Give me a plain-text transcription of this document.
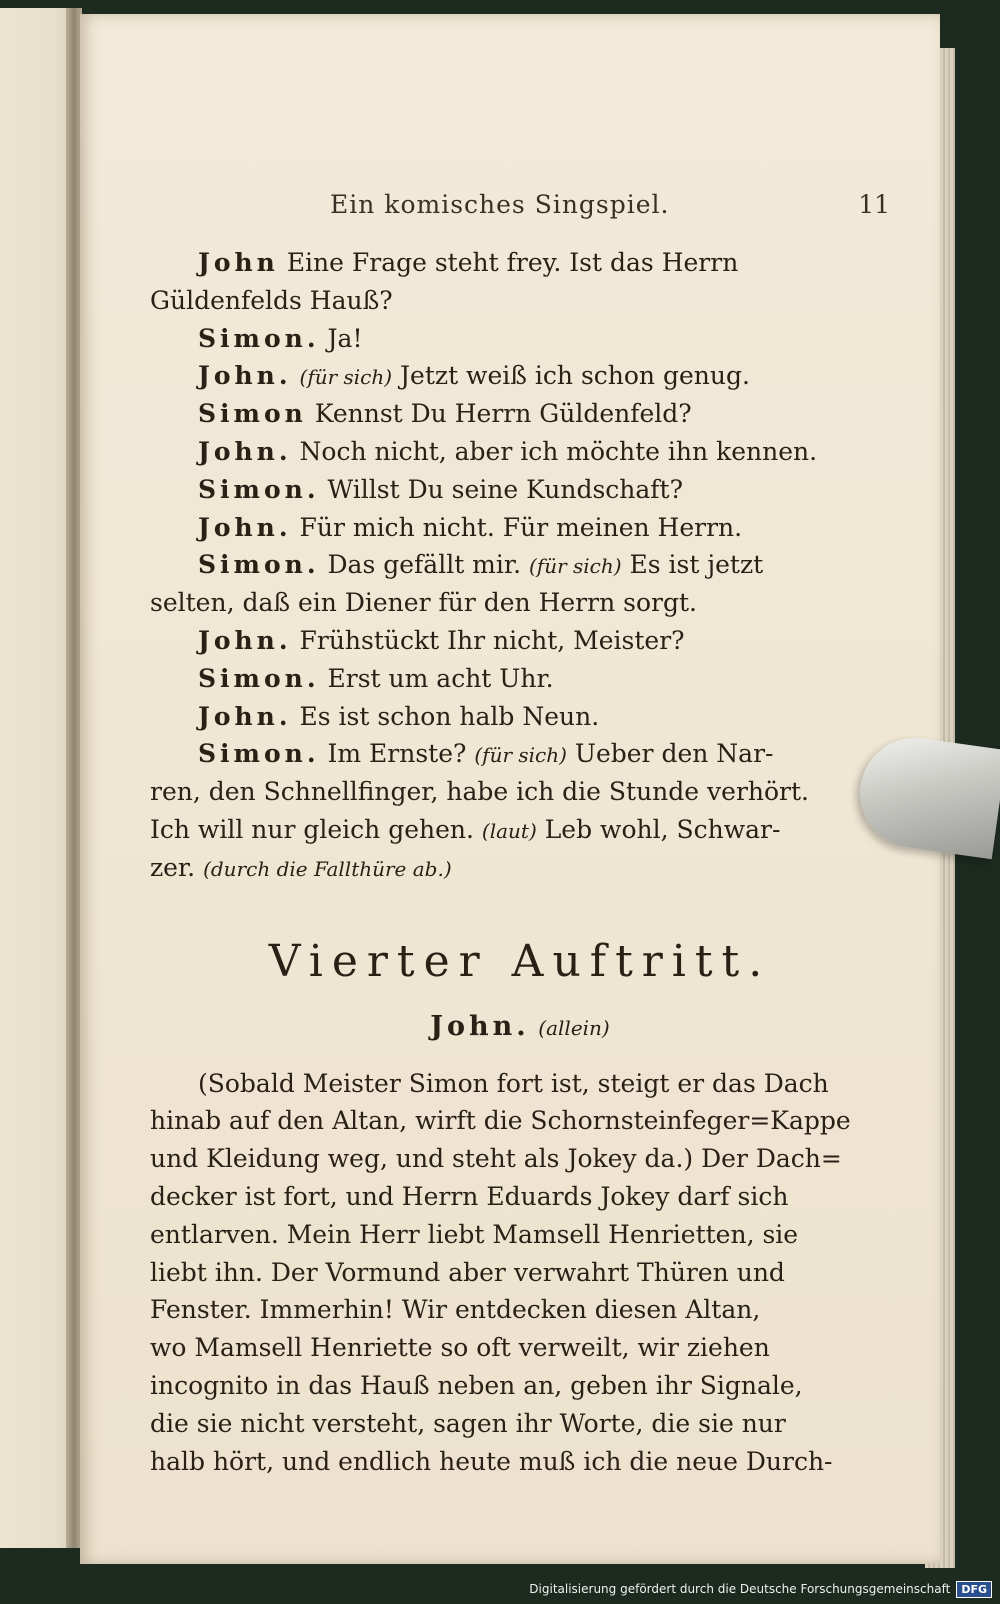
Ein komisches Singspiel.	11
John Eine Frage steht frey. Ist das Herrn
Güldenfelds Hauß?
Simon. Ja!
John. (für sich) Jetzt weiß ich schon genug.
Simon Kennst Du Herrn Güldenfeld?
John. Noch nicht, aber ich möchte ihn kennen.
Simon. Willst Du seine Kundschaft?
John. Für mich nicht. Für meinen Herrn.
Simon. Das gefällt mir. (für sich) Es ist jetzt
selten, daß ein Diener für den Herrn sorgt.
John. Frühstückt Ihr nicht, Meister?
Simon. Erst um acht Uhr.
John. Es ist schon halb Neun.
Simon. Im Ernste? (für sich) Ueber den Nar-
ren, den Schnellfinger, habe ich die Stunde verhört.
Ich will nur gleich gehen. (laut) Leb wohl, Schwar-
zer. (durch die Fallthüre ab.)
Vierter Auftritt.
John. (allein)
(Sobald Meister Simon fort ist, steigt er das Dach
hinab auf den Altan, wirft die Schornsteinfeger=Kappe
und Kleidung weg, und steht als Jokey da.) Der Dach=
decker ist fort, und Herrn Eduards Jokey darf sich
entlarven. Mein Herr liebt Mamsell Henrietten, sie
liebt ihn. Der Vormund aber verwahrt Thüren und
Fenster. Immerhin! Wir entdecken diesen Altan,
wo Mamsell Henriette so oft verweilt, wir ziehen
incognito in das Hauß neben an, geben ihr Signale,
die sie nicht versteht, sagen ihr Worte, die sie nur
halb hört, und endlich heute muß ich die neue Durch-
Digitalisierung gefördert durch die Deutsche Forschungsgemeinschaft	DFG
